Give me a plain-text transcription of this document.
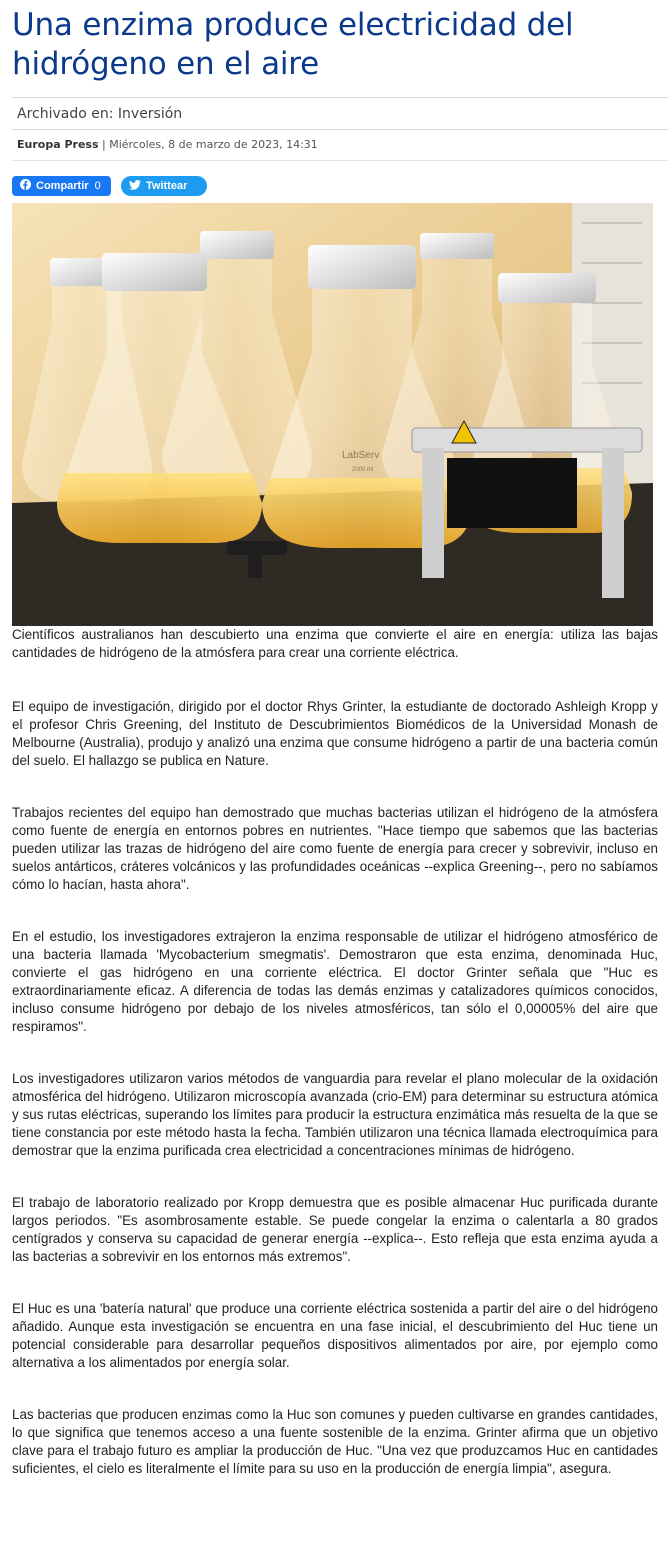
Una enzima produce electricidad del hidrógeno en el aire
Archivado en: Inversión
Europa Press | Miércoles, 8 de marzo de 2023, 14:31
Compartir 0	Twittear
LabServ
2000 ml

Científicos australianos han descubierto una enzima que convierte el aire en energía: utiliza las bajas cantidades de hidrógeno de la atmósfera para crear una corriente eléctrica.

El equipo de investigación, dirigido por el doctor Rhys Grinter, la estudiante de doctorado Ashleigh Kropp y el profesor Chris Greening, del Instituto de Descubrimientos Biomédicos de la Universidad Monash de Melbourne (Australia), produjo y analizó una enzima que consume hidrógeno a partir de una bacteria común del suelo. El hallazgo se publica en Nature.

Trabajos recientes del equipo han demostrado que muchas bacterias utilizan el hidrógeno de la atmósfera como fuente de energía en entornos pobres en nutrientes. "Hace tiempo que sabemos que las bacterias pueden utilizar las trazas de hidrógeno del aire como fuente de energía para crecer y sobrevivir, incluso en suelos antárticos, cráteres volcánicos y las profundidades oceánicas --explica Greening--, pero no sabíamos cómo lo hacían, hasta ahora".

En el estudio, los investigadores extrajeron la enzima responsable de utilizar el hidrógeno atmosférico de una bacteria llamada 'Mycobacterium smegmatis'. Demostraron que esta enzima, denominada Huc, convierte el gas hidrógeno en una corriente eléctrica. El doctor Grinter señala que "Huc es extraordinariamente eficaz. A diferencia de todas las demás enzimas y catalizadores químicos conocidos, incluso consume hidrógeno por debajo de los niveles atmosféricos, tan sólo el 0,00005% del aire que respiramos".

Los investigadores utilizaron varios métodos de vanguardia para revelar el plano molecular de la oxidación atmosférica del hidrógeno. Utilizaron microscopía avanzada (crio-EM) para determinar su estructura atómica y sus rutas eléctricas, superando los límites para producir la estructura enzimática más resuelta de la que se tiene constancia por este método hasta la fecha. También utilizaron una técnica llamada electroquímica para demostrar que la enzima purificada crea electricidad a concentraciones mínimas de hidrógeno.

El trabajo de laboratorio realizado por Kropp demuestra que es posible almacenar Huc purificada durante largos periodos. "Es asombrosamente estable. Se puede congelar la enzima o calentarla a 80 grados centígrados y conserva su capacidad de generar energía --explica--. Esto refleja que esta enzima ayuda a las bacterias a sobrevivir en los entornos más extremos".

El Huc es una 'batería natural' que produce una corriente eléctrica sostenida a partir del aire o del hidrógeno añadido. Aunque esta investigación se encuentra en una fase inicial, el descubrimiento del Huc tiene un potencial considerable para desarrollar pequeños dispositivos alimentados por aire, por ejemplo como alternativa a los alimentados por energía solar.

Las bacterias que producen enzimas como la Huc son comunes y pueden cultivarse en grandes cantidades, lo que significa que tenemos acceso a una fuente sostenible de la enzima. Grinter afirma que un objetivo clave para el trabajo futuro es ampliar la producción de Huc. "Una vez que produzcamos Huc en cantidades suficientes, el cielo es literalmente el límite para su uso en la producción de energía limpia", asegura.
